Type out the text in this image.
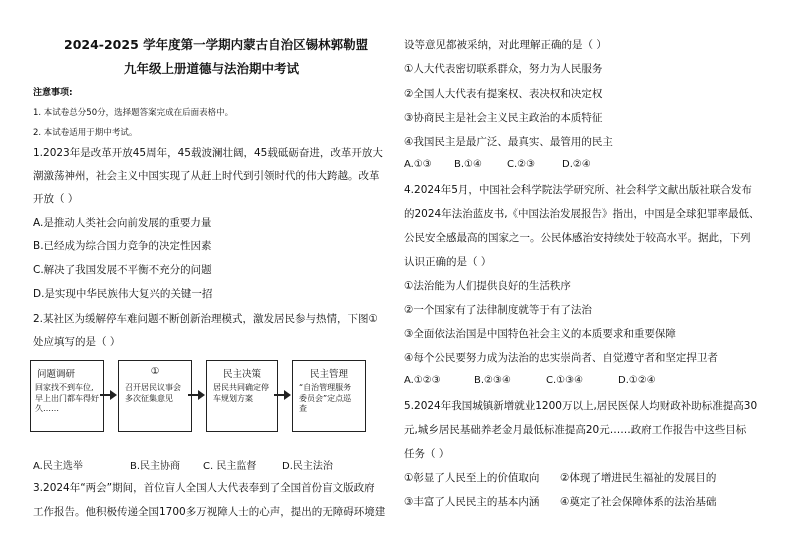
2024-2025 学年度第一学期内蒙古自治区锡林郭勒盟
九年级上册道德与法治期中考试
注意事项:
1. 本试卷总分50分，选择题答案完成在后面表格中。
2. 本试卷适用于期中考试。
1.2023年是改革开放45周年，45载波澜壮阔，45载砥砺奋进，改革开放大
潮激荡神州，社会主义中国实现了从赶上时代到引领时代的伟大跨越。改革
开放（ ）
A.是推动人类社会向前发展的重要力量
B.已经成为综合国力竞争的决定性因素
C.解决了我国发展不平衡不充分的问题
D.是实现中华民族伟大复兴的关键一招
2.某社区为缓解停车难问题不断创新治理模式，激发居民参与热情，下图①
处应填写的是（ ）
问题调研
回家找不到车位,早上出门都车得好久……
①
召开居民议事会多次征集意见
民主决策
居民共同确定停车规划方案
民主管理
“自治管理服务委员会”定点巡查
A.民主选举	B.民主协商 C. 民主监督	D.民主法治
3.2024年“两会”期间，首位盲人全国人大代表奉到了全国首份盲文版政府
工作报告。他积极传递全国1700多万视障人士的心声，提出的无障碍环境建
设等意见都被采纳，对此理解正确的是（ ）
①人大代表密切联系群众，努力为人民服务
②全国人大代表有提案权、表决权和决定权
③协商民主是社会主义民主政治的本质特征
④我国民主是最广泛、最真实、最管用的民主
A.①③ B.①④	C.②③	D.②④
4.2024年5月，中国社会科学院法学研究所、社会科学文献出版社联合发布
的2024年法治蓝皮书,《中国法治发展报告》指出，中国是全球犯罪率最低、
公民安全感最高的国家之一。公民体感治安持续处于较高水平。据此，下列
认识正确的是（ ）
①法治能为人们提供良好的生活秩序
②一个国家有了法律制度就等于有了法治
③全面依法治国是中国特色社会主义的本质要求和重要保障
④每个公民要努力成为法治的忠实崇尚者、自觉遵守者和坚定捍卫者
A.①②③	B.②③④	C.①③④	D.①②④
5.2024年我国城镇新增就业1200万以上,居民医保人均财政补助标准提高30
元,城乡居民基础养老金月最低标准提高20元……政府工作报告中这些目标
任务（ ）
①彰显了人民至上的价值取向 ②体现了增进民生福祉的发展目的
③丰富了人民民主的基本内涵 ④奠定了社会保障体系的法治基础
